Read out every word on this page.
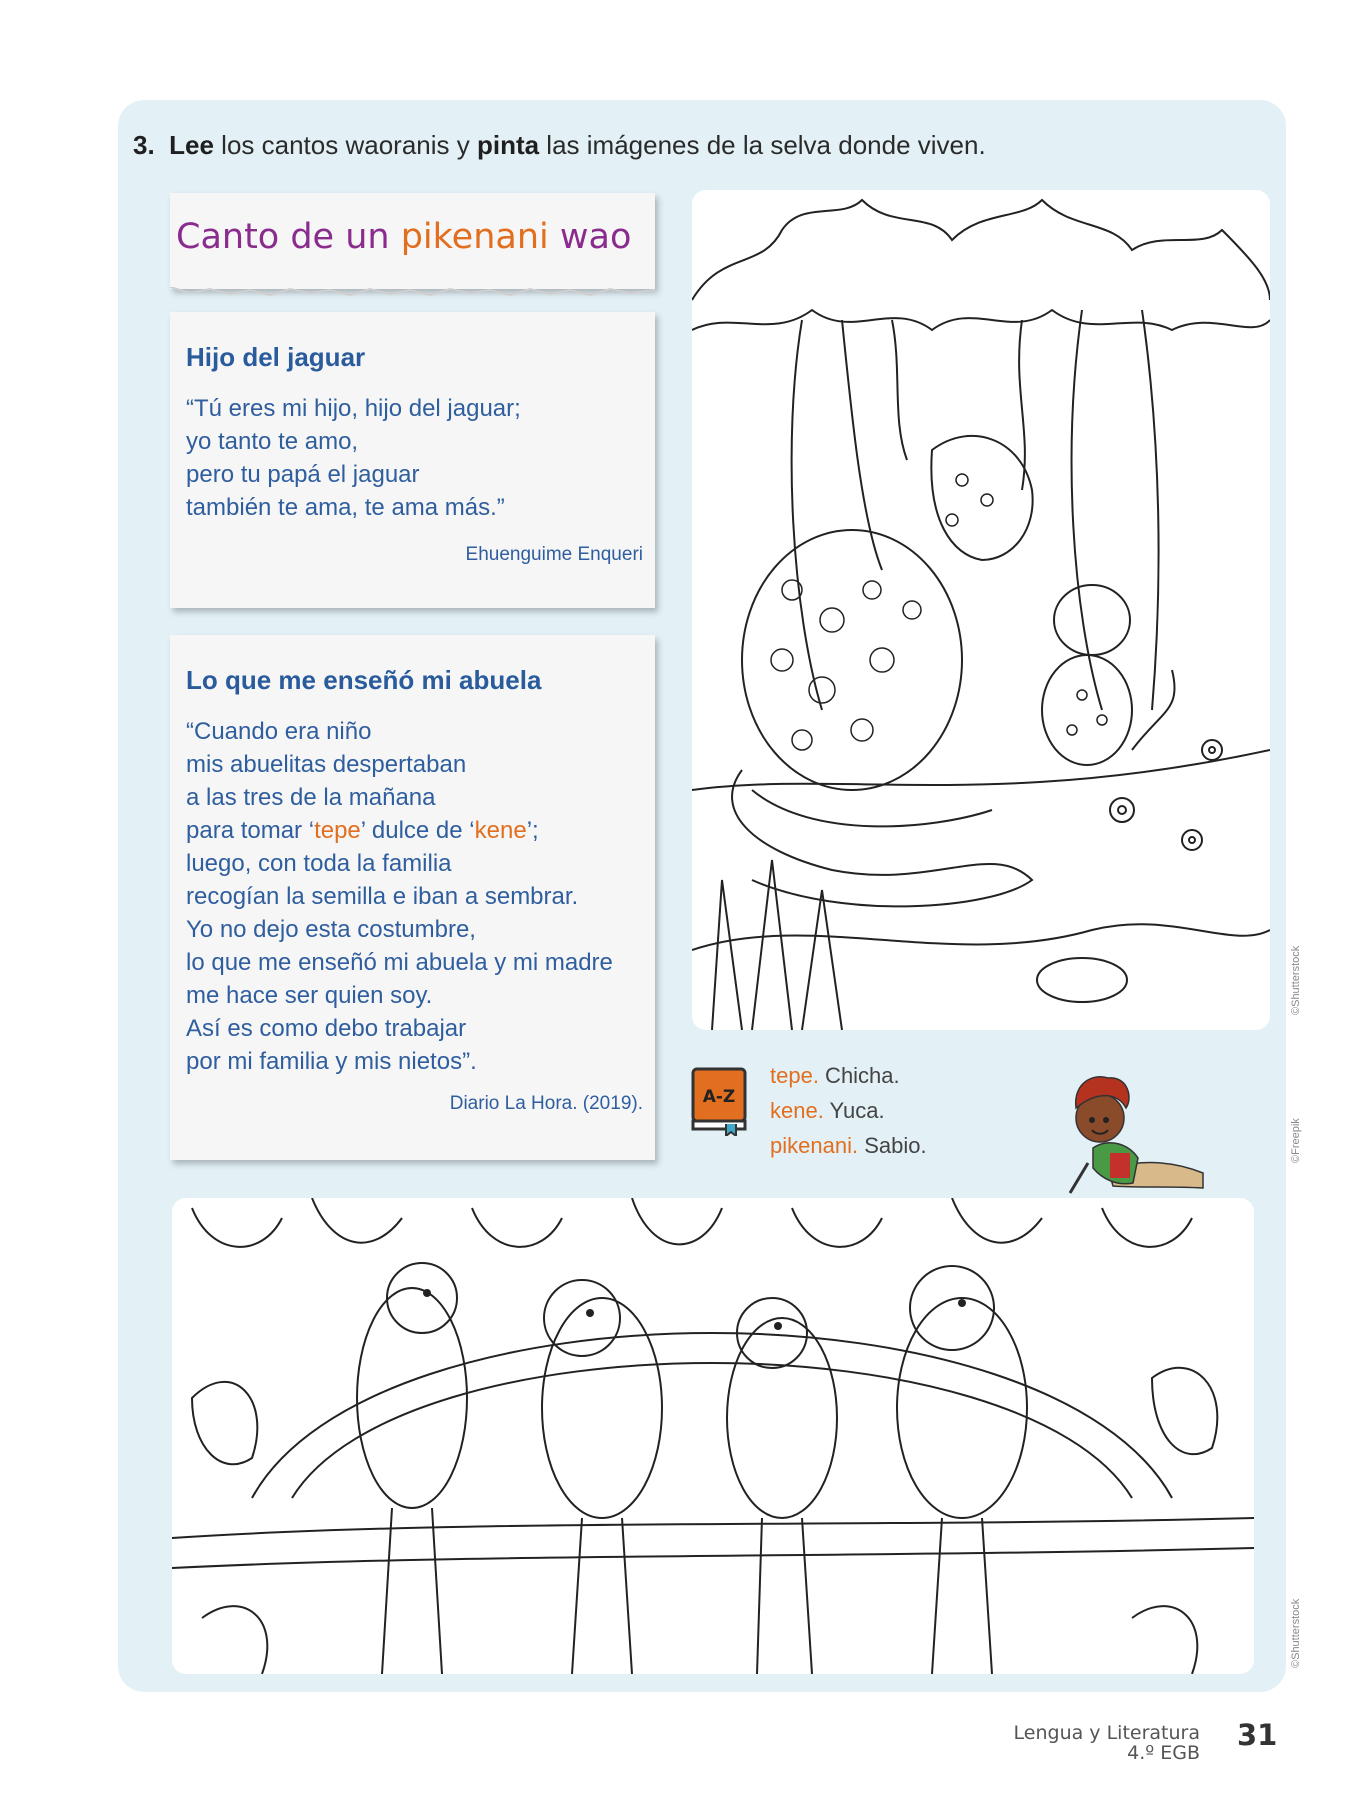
3. Lee los cantos waoranis y pinta las imágenes de la selva donde viven.
Canto de un pikenani wao
Hijo del jaguar
“Tú eres mi hijo, hijo del jaguar;
yo tanto te amo,
pero tu papá el jaguar
también te ama, te ama más.”
Ehuenguime Enqueri
Lo que me enseñó mi abuela
“Cuando era niño
mis abuelitas despertaban
a las tres de la mañana
para tomar ‘tepe’ dulce de ‘kene’;
luego, con toda la familia
recogían la semilla e iban a sembrar.
Yo no dejo esta costumbre,
lo que me enseñó mi abuela y mi madre
me hace ser quien soy.
Así es como debo trabajar
por mi familia y mis nietos”.
Diario La Hora. (2019).
©Shutterstock
©Freepik
©Shutterstock
A-Z
tepe. Chicha.
kene. Yuca.
pikenani. Sabio.
Lengua y Literatura
4.º EGB
31
